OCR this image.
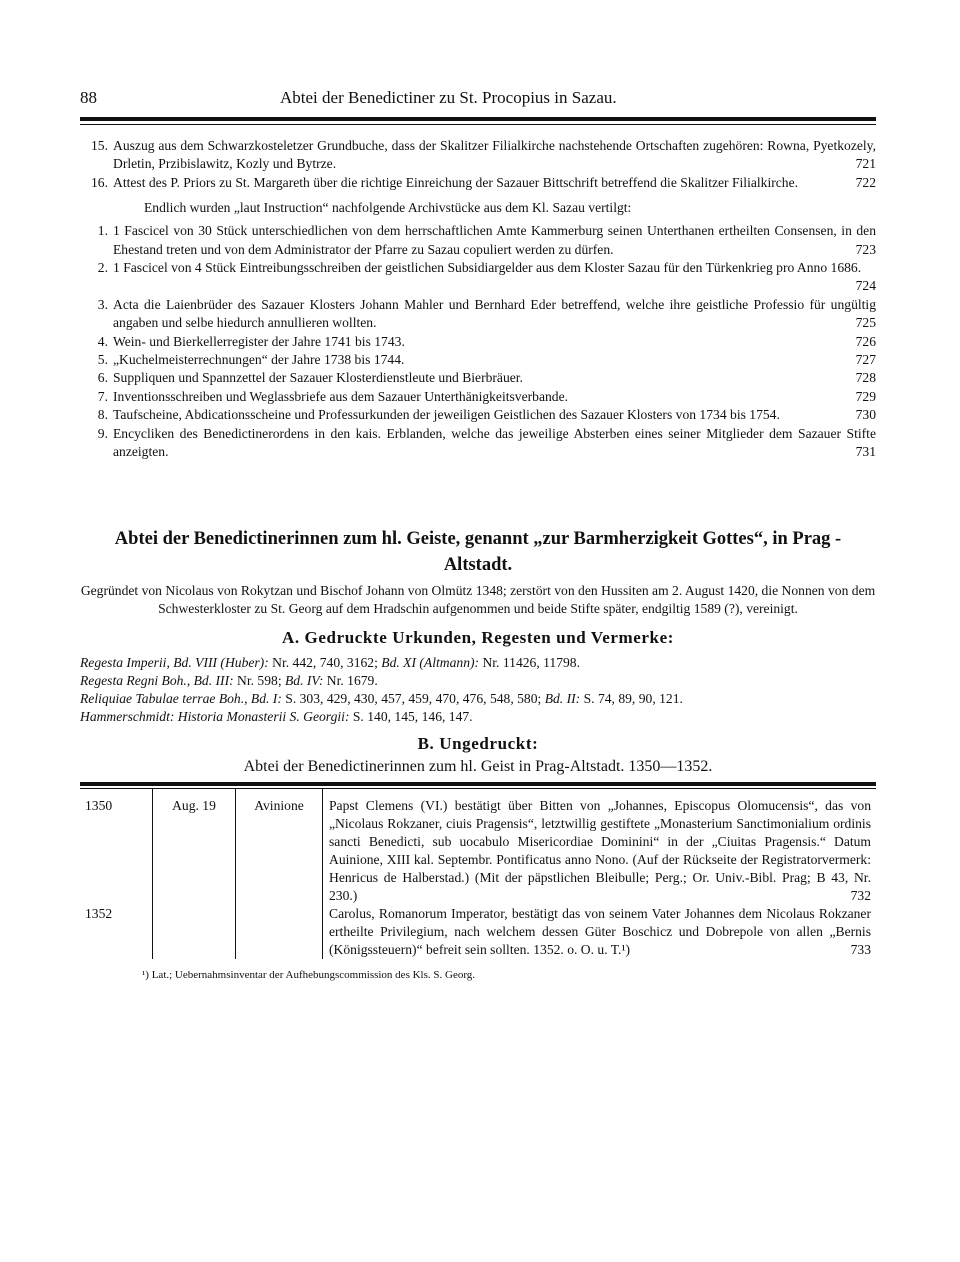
88	Abtei der Benedictiner zu St. Procopius in Sazau.
15. Auszug aus dem Schwarzkosteletzer Grundbuche, dass der Skalitzer Filialkirche nachstehende Ortschaften zugehören: Rowna, Pyetkozely, Drletin, Przibislawitz, Kozly und Bytrze.	721
16. Attest des P. Priors zu St. Margareth über die richtige Einreichung der Sazauer Bittschrift betreffend die Skalitzer Filialkirche.	722
Endlich wurden „laut Instruction“ nachfolgende Archivstücke aus dem Kl. Sazau vertilgt:
1. 1 Fascicel von 30 Stück unterschiedlichen von dem herrschaftlichen Amte Kammerburg seinen Unterthanen ertheilten Consensen, in den Ehestand treten und von dem Administrator der Pfarre zu Sazau copuliert werden zu dürfen.	723
2. 1 Fascicel von 4 Stück Eintreibungsschreiben der geistlichen Subsidiargelder aus dem Kloster Sazau für den Türkenkrieg pro Anno 1686.
724
3. Acta die Laienbrüder des Sazauer Klosters Johann Mahler und Bernhard Eder betreffend, welche ihre geistliche Professio für ungültig angaben und selbe hiedurch annullieren wollten.	725
4. Wein- und Bierkellerregister der Jahre 1741 bis 1743.	726
5. „Kuchelmeisterrechnungen“ der Jahre 1738 bis 1744.	727
6. Suppliquen und Spannzettel der Sazauer Klosterdienstleute und Bierbräuer.	728
7. Inventionsschreiben und Weglassbriefe aus dem Sazauer Unterthänigkeitsverbande.	729
8. Taufscheine, Abdicationsscheine und Professurkunden der jeweiligen Geistlichen des Sazauer Klosters von 1734 bis 1754.	730
9. Encycliken des Benedictinerordens in den kais. Erblanden, welche das jeweilige Absterben eines seiner Mitglieder dem Sazauer Stifte anzeigten.	731
Abtei der Benedictinerinnen zum hl. Geiste, genannt „zur Barmherzigkeit Gottes“, in Prag - Altstadt.
Gegründet von Nicolaus von Rokytzan und Bischof Johann von Olmütz 1348; zerstört von den Hussiten am 2. August 1420, die Nonnen von dem Schwesterkloster zu St. Georg auf dem Hradschin aufgenommen und beide Stifte später, endgiltig 1589 (?), vereinigt.
A. Gedruckte Urkunden, Regesten und Vermerke:
Regesta Imperii, Bd. VIII (Huber): Nr. 442, 740, 3162; Bd. XI (Altmann): Nr. 11426, 11798.
Regesta Regni Boh., Bd. III: Nr. 598; Bd. IV: Nr. 1679.
Reliquiae Tabulae terrae Boh., Bd. I: S. 303, 429, 430, 457, 459, 470, 476, 548, 580; Bd. II: S. 74, 89, 90, 121.
Hammerschmidt: Historia Monasterii S. Georgii: S. 140, 145, 146, 147.
B. Ungedruckt:
Abtei der Benedictinerinnen zum hl. Geist in Prag-Altstadt. 1350—1352.
1350	Aug. 19	Avinione	Papst Clemens (VI.) bestätigt über Bitten von „Johannes, Episcopus Olomucensis“, das von „Nicolaus Rokzaner, ciuis Pragensis“, letztwillig gestiftete „Monasterium Sanctimonialium ordinis sancti Benedicti, sub uocabulo Misericordiae Dominini“ in der „Ciuitas Pragensis.“ Datum Auinione, XIII kal. Septembr. Pontificatus anno Nono. (Auf der Rückseite der Registratorvermerk: Henricus de Halberstad.) (Mit der päpstlichen Bleibulle; Perg.; Or. Univ.-Bibl. Prag; B 43, Nr. 230.) 732

1352			Carolus, Romanorum Imperator, bestätigt das von seinem Vater Johannes dem Nicolaus Rokzaner ertheilte Privilegium, nach welchem dessen Güter Boschicz und Dobrepole von allen „Bernis (Königssteuern)“ befreit sein sollten. 1352. o. O. u. T.¹) 733
¹) Lat.; Uebernahmsinventar der Aufhebungscommission des Kls. S. Georg.
